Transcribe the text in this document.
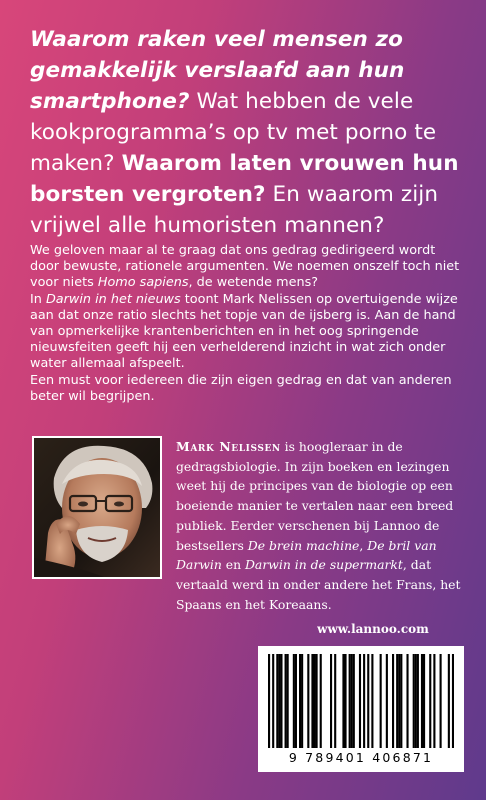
Waarom raken veel mensen zo gemakkelijk verslaafd aan hun smartphone? Wat hebben de vele kookprogramma’s op tv met porno te maken? Waarom laten vrouwen hun borsten vergroten? En waarom zijn vrijwel alle humoristen mannen?

We geloven maar al te graag dat ons gedrag gedirigeerd wordt door bewuste, rationele argumenten. We noemen onszelf toch niet voor niets Homo sapiens, de wetende mens?

In Darwin in het nieuws toont Mark Nelissen op overtuigende wijze aan dat onze ratio slechts het topje van de ijsberg is. Aan de hand van opmerkelijke krantenberichten en in het oog springende nieuwsfeiten geeft hij een verhelderend inzicht in wat zich onder water allemaal afspeelt.

Een must voor iedereen die zijn eigen gedrag en dat van anderen beter wil begrijpen.

Mark Nelissen is hoogleraar in de gedragsbiologie. In zijn boeken en lezingen weet hij de principes van de biologie op een boeiende manier te vertalen naar een breed publiek. Eerder verschenen bij Lannoo de bestsellers De brein machine, De bril van Darwin en Darwin in de supermarkt, dat vertaald werd in onder andere het Frans, het Spaans en het Koreaans.
www.lannoo.com
9 789401 406871
